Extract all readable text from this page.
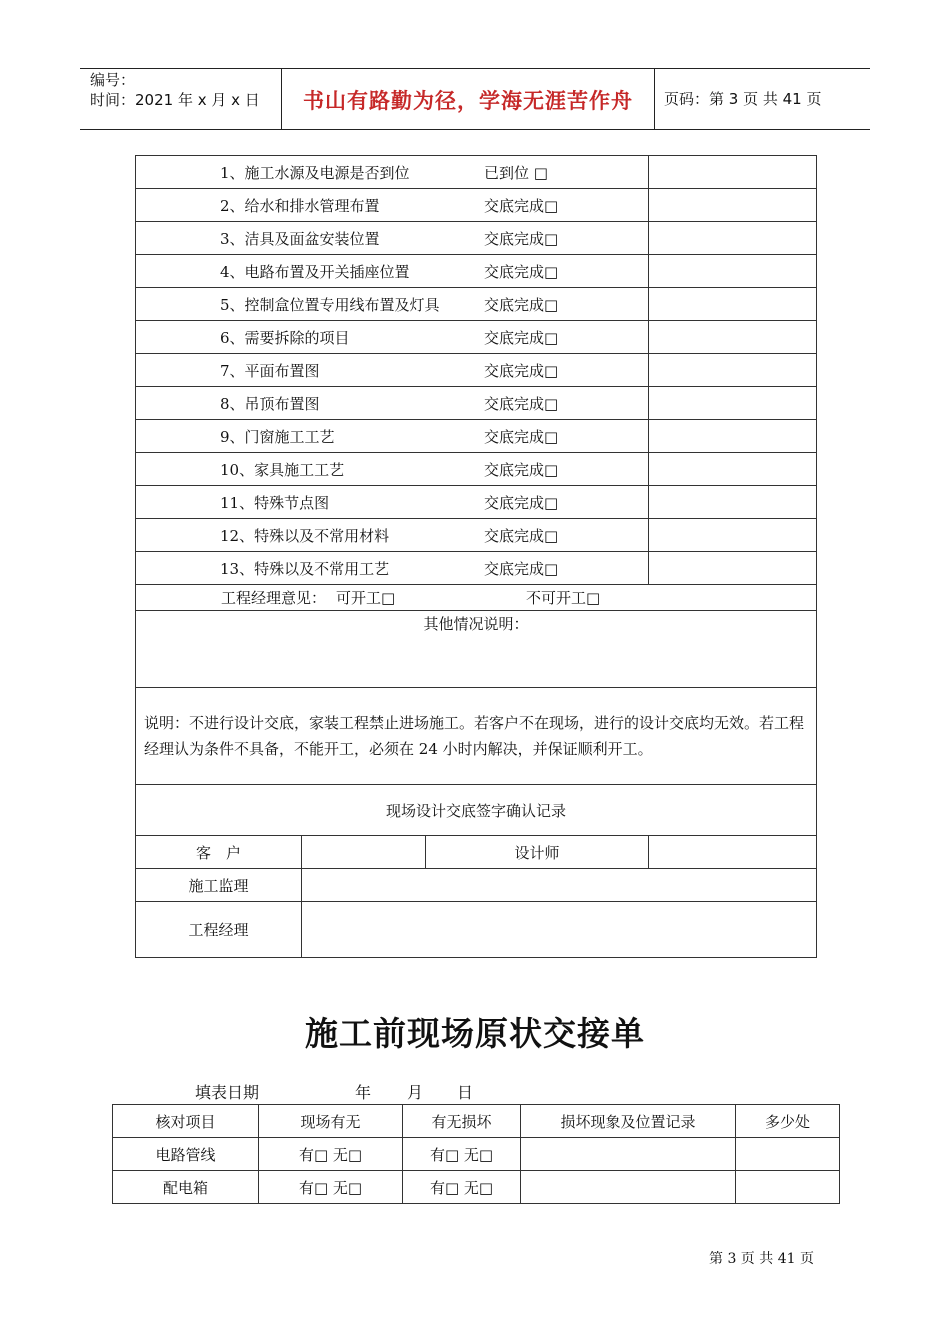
编号：
时间：2021 年 x 月 x 日	书山有路勤为径，学海无涯苦作舟	页码：第 3 页 共 41 页
1、施工水源及电源是否到位 已到位 □			
2、给水和排水管理布置 交底完成□			
3、洁具及面盆安装位置 交底完成□			
4、电路布置及开关插座位置 交底完成□			
5、控制盒位置专用线布置及灯具 交底完成□			
6、需要拆除的项目 交底完成□			
7、平面布置图 交底完成□			
8、吊顶布置图 交底完成□			
9、门窗施工工艺 交底完成□			
10、家具施工工艺 交底完成□			
11、特殊节点图 交底完成□			
12、特殊以及不常用材料 交底完成□			
13、特殊以及不常用工艺 交底完成□			
工程经理意见： 可开工□ 不可开工□			
其他情况说明：			

说明：不进行设计交底，家装工程禁止进场施工。若客户不在现场，进行的设计交底均无效。若工程经理认为条件不具备，不能开工，必须在 24 小时内解决，并保证顺利开工。			

现场设计交底签字确认记录			
客　户		设计师	
施工监理			
工程经理			
施工前现场原状交接单
填表日期	年 月 日
核对项目	现场有无	有无损坏	损坏现象及位置记录	多少处
电路管线	有□ 无□	有□ 无□		
配电箱	有□ 无□	有□ 无□		
第 3 页 共 41 页
